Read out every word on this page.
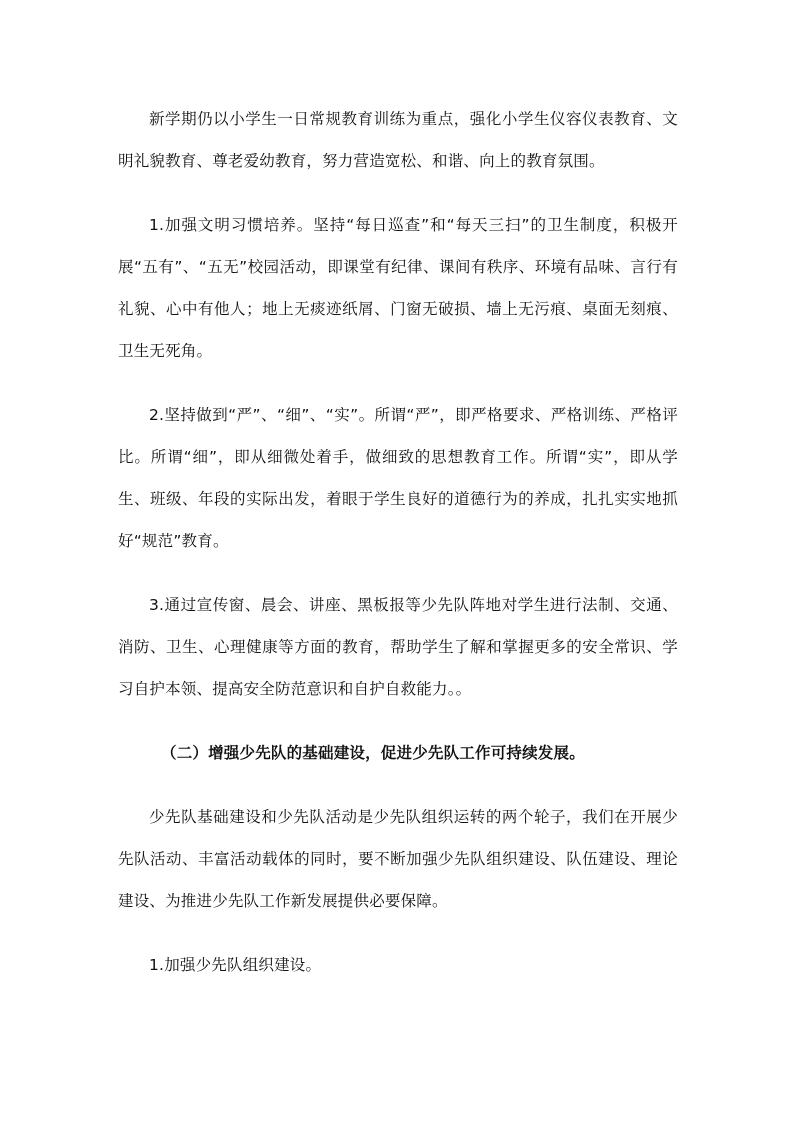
新学期仍以小学生一日常规教育训练为重点，强化小学生仪容仪表教育、文明礼貌教育、尊老爱幼教育，努力营造宽松、和谐、向上的教育氛围。

1.加强文明习惯培养。坚持“每日巡查”和“每天三扫”的卫生制度，积极开展“五有”、“五无”校园活动，即课堂有纪律、课间有秩序、环境有品味、言行有礼貌、心中有他人；地上无痰迹纸屑、门窗无破损、墙上无污痕、桌面无刻痕、卫生无死角。

2.坚持做到“严”、“细”、“实”。所谓“严”，即严格要求、严格训练、严格评比。所谓“细”，即从细微处着手，做细致的思想教育工作。所谓“实”，即从学生、班级、年段的实际出发，着眼于学生良好的道德行为的养成，扎扎实实地抓好“规范”教育。

3.通过宣传窗、晨会、讲座、黑板报等少先队阵地对学生进行法制、交通、消防、卫生、心理健康等方面的教育，帮助学生了解和掌握更多的安全常识、学习自护本领、提高安全防范意识和自护自救能力。。

（二）增强少先队的基础建设，促进少先队工作可持续发展。

少先队基础建设和少先队活动是少先队组织运转的两个轮子，我们在开展少先队活动、丰富活动载体的同时，要不断加强少先队组织建设、队伍建设、理论建设、为推进少先队工作新发展提供必要保障。

1.加强少先队组织建设。
